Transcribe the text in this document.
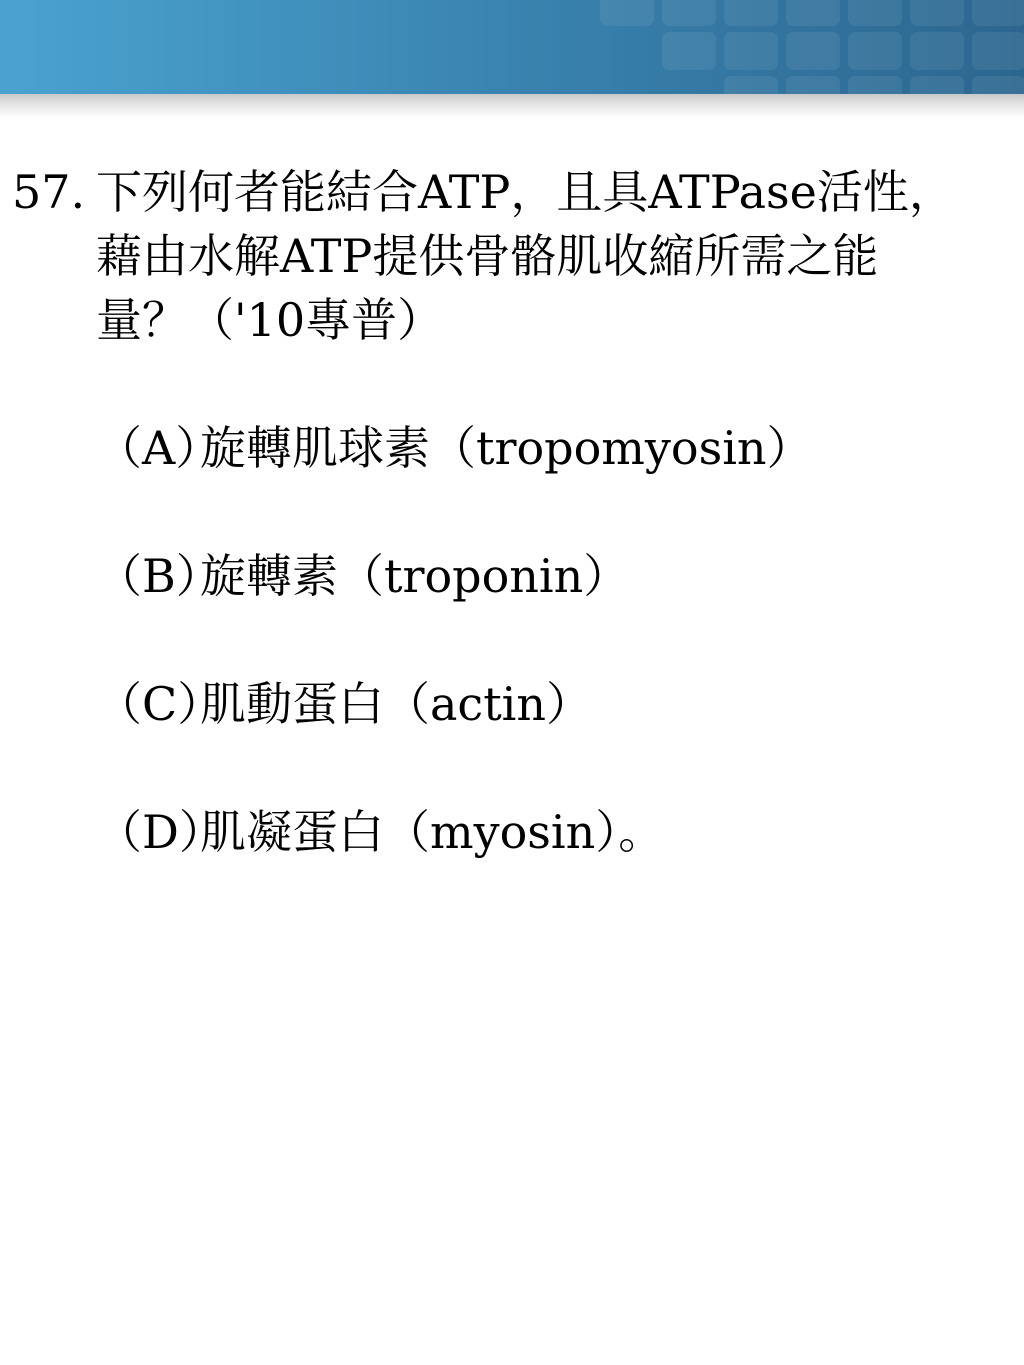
57. 下列何者能結合ATP，且具ATPase活性，
藉由水解ATP提供骨骼肌收縮所需之能
量？（'10專普）

（A）旋轉肌球素（tropomyosin）
（B）旋轉素（troponin）
（C）肌動蛋白（actin）
（D）肌凝蛋白（myosin）。
